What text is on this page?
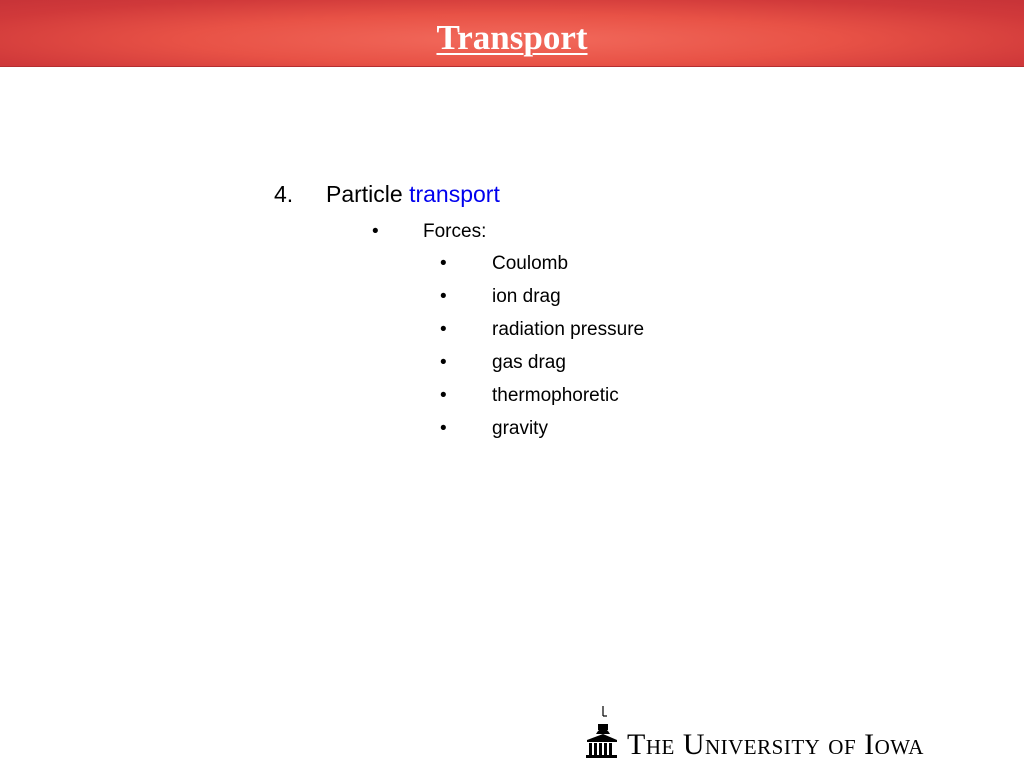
Transport
4. Particle transport
• Forces:
• Coulomb
• ion drag
• radiation pressure
• gas drag
• thermophoretic
• gravity
The University of Iowa
